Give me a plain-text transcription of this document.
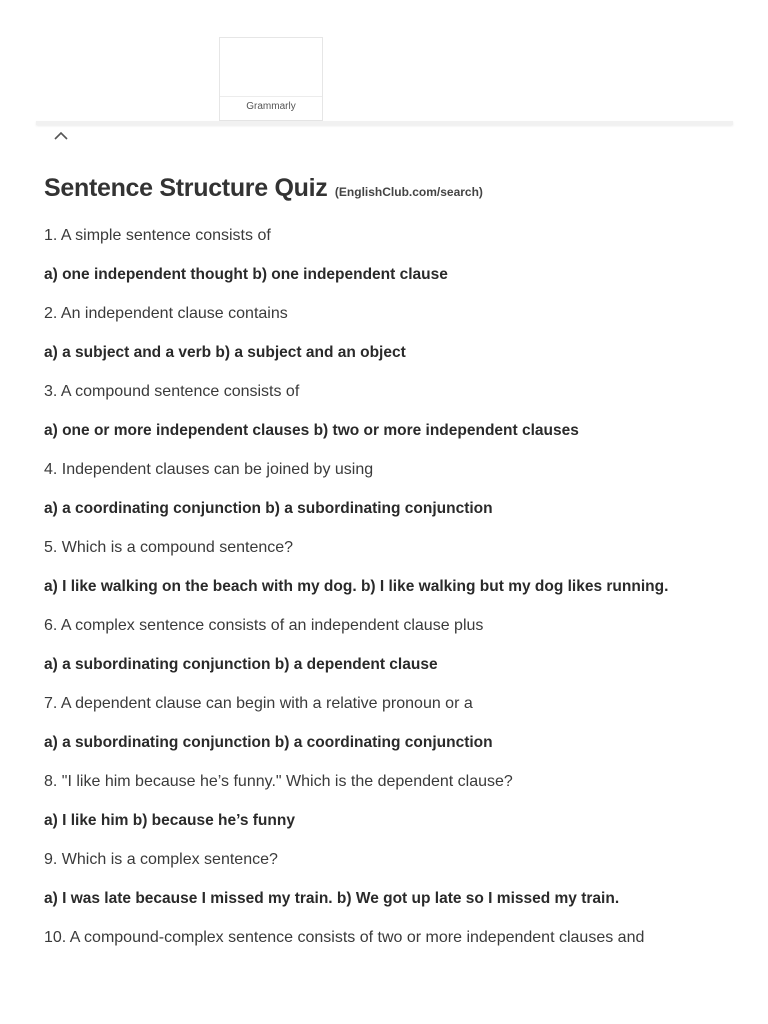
Grammarly
Sentence Structure Quiz (EnglishClub.com/search)
1. A simple sentence consists of
a) one independent thought b) one independent clause
2. An independent clause contains
a) a subject and a verb b) a subject and an object
3. A compound sentence consists of
a) one or more independent clauses b) two or more independent clauses
4. Independent clauses can be joined by using
a) a coordinating conjunction b) a subordinating conjunction
5. Which is a compound sentence?
a) I like walking on the beach with my dog. b) I like walking but my dog likes running.
6. A complex sentence consists of an independent clause plus
a) a subordinating conjunction b) a dependent clause
7. A dependent clause can begin with a relative pronoun or a
a) a subordinating conjunction b) a coordinating conjunction
8. "I like him because he’s funny." Which is the dependent clause?
a) I like him b) because he’s funny
9. Which is a complex sentence?
a) I was late because I missed my train. b) We got up late so I missed my train.
10. A compound-complex sentence consists of two or more independent clauses and
